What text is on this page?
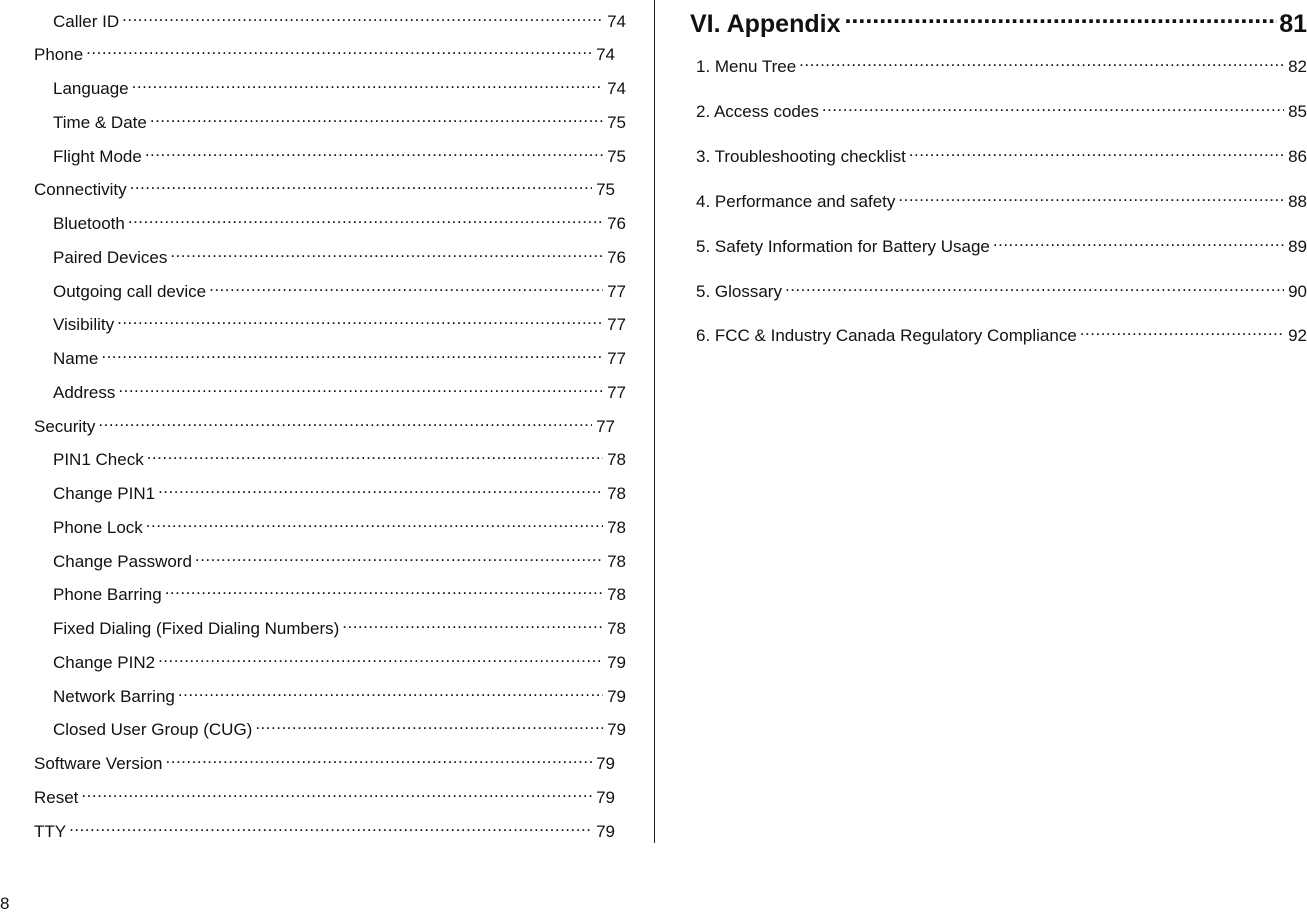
Caller ID .....	74
Phone .....	74
Language .....	74
Time & Date .....	75
Flight Mode .....	75
Connectivity .....	75
Bluetooth .....	76
Paired Devices .....	76
Outgoing call device .....	77
Visibility .....	77
Name .....	77
Address .....	77
Security .....	77
PIN1 Check .....	78
Change PIN1 .....	78
Phone Lock .....	78
Change Password .....	78
Phone Barring .....	78
Fixed Dialing (Fixed Dialing Numbers) .....	78
Change PIN2 .....	79
Network Barring .....	79
Closed User Group (CUG) .....	79
Software Version .....	79
Reset .....	79
TTY .....	79
VI. Appendix .....	81
1. Menu Tree .....	82
2. Access codes .....	85
3. Troubleshooting checklist .....	86
4. Performance and safety .....	88
5. Safety Information for Battery Usage .....	89
5. Glossary .....	90
6. FCC & Industry Canada Regulatory Compliance .....	92
8
